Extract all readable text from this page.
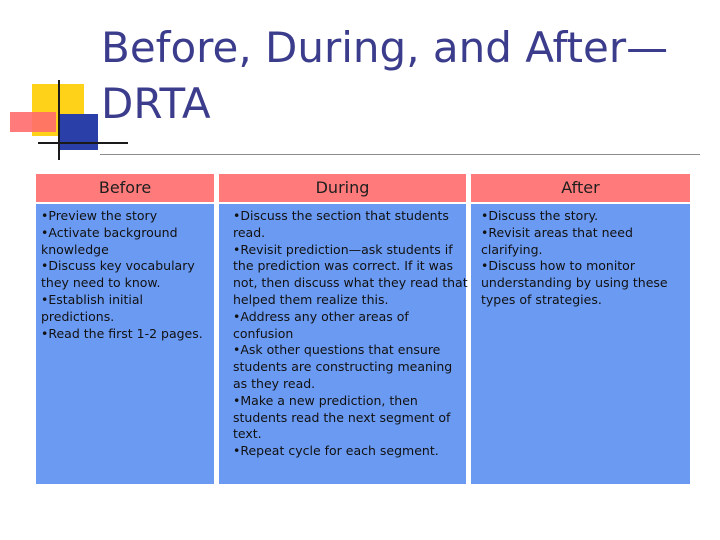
Before, During, and After—
DRTA
Before	During	After
•Preview the story
•Activate background
knowledge
•Discuss key vocabulary
they need to know.
•Establish initial predictions.
•Read the first 1-2 pages.
•Discuss the section that students
read.
•Revisit prediction—ask students if
the prediction was correct. If it was
not, then discuss what they read that
helped them realize this.
•Address any other areas of
confusion
•Ask other questions that ensure
students are constructing meaning
as they read.
•Make a new prediction, then
students read the next segment of
text.
•Repeat cycle for each segment.
•Discuss the story.
•Revisit areas that need
clarifying.
•Discuss how to monitor
understanding by using these
types of strategies.
